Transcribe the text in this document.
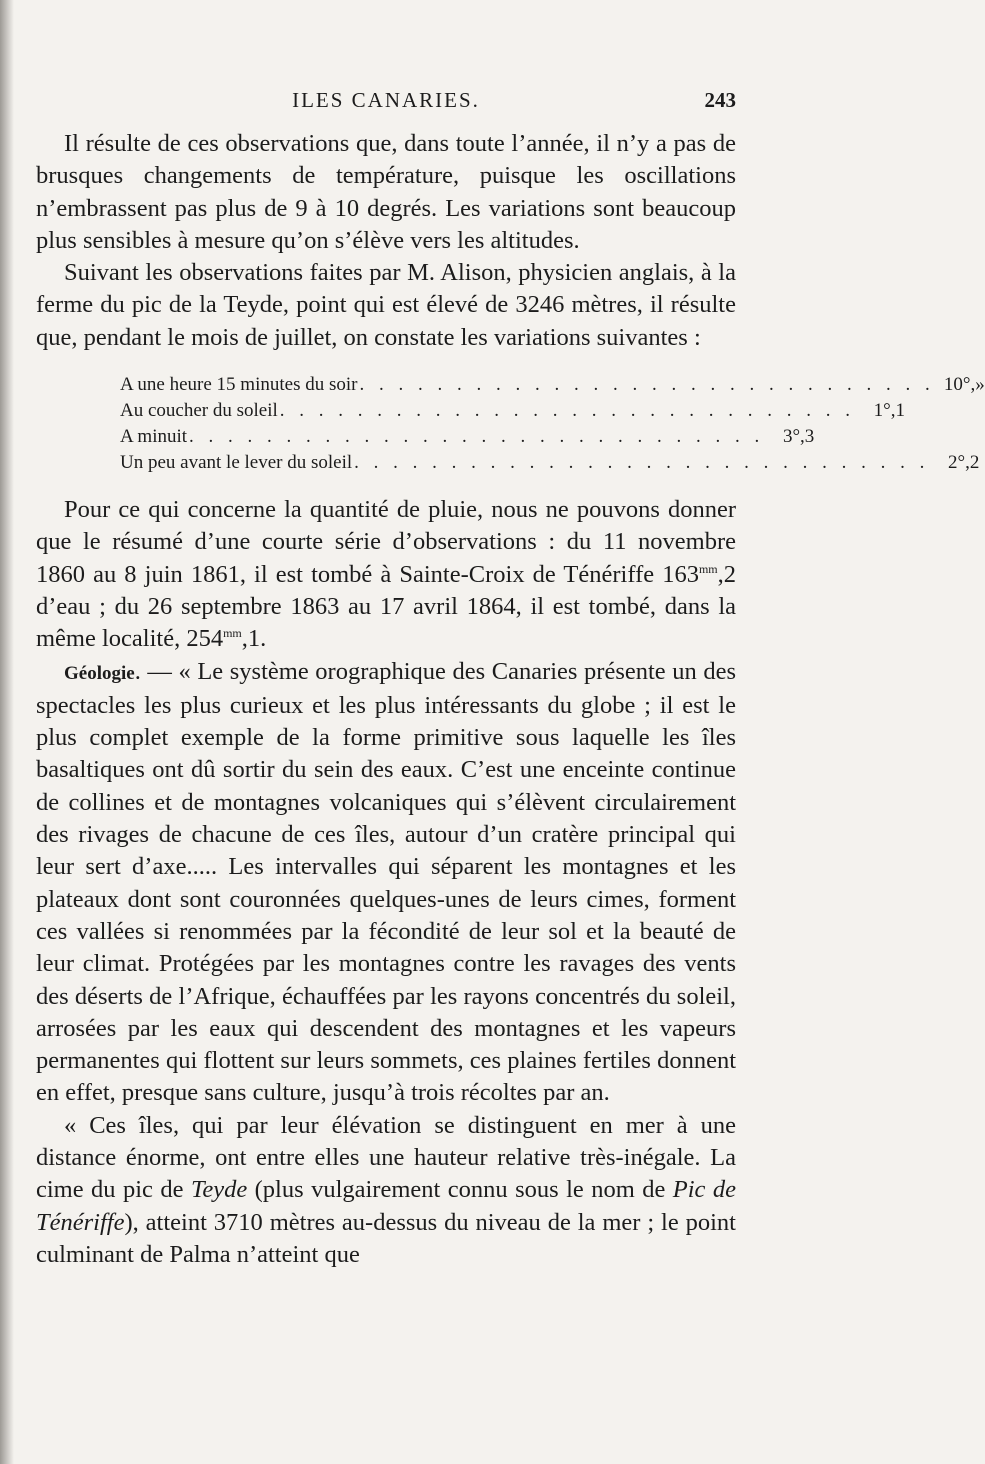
ILES CANARIES.	243

Il résulte de ces observations que, dans toute l’année, il n’y a pas de brusques changements de température, puisque les oscillations n’embrassent pas plus de 9 à 10 degrés. Les variations sont beaucoup plus sensibles à mesure qu’on s’élève vers les altitudes.

Suivant les observations faites par M. Alison, physicien anglais, à la ferme du pic de la Teyde, point qui est élevé de 3246 mètres, il résulte que, pendant le mois de juillet, on constate les variations suivantes :

A une heure 15 minutes du soir . . . . . . . . . . . . . . . . . . . . . . . . . . . . . . 10°,»
Au coucher du soleil . . . . . . . . . . . . . . . . . . . . . . . . . . . . . . 1°,1
A minuit . . . . . . . . . . . . . . . . . . . . . . . . . . . . . . 3°,3
Un peu avant le lever du soleil . . . . . . . . . . . . . . . . . . . . . . . . . . . . . . 2°,2

Pour ce qui concerne la quantité de pluie, nous ne pouvons donner que le résumé d’une courte série d’observations : du 11 novembre 1860 au 8 juin 1861, il est tombé à Sainte-Croix de Ténériffe $163^{mm},2$ d’eau ; du 26 septembre 1863 au 17 avril 1864, il est tombé, dans la même localité, $254^{mm},1$.

Géologie. — « Le système orographique des Canaries présente un des spectacles les plus curieux et les plus intéressants du globe ; il est le plus complet exemple de la forme primitive sous laquelle les îles basaltiques ont dû sortir du sein des eaux. C’est une enceinte continue de collines et de montagnes volcaniques qui s’élèvent circulairement des rivages de chacune de ces îles, autour d’un cratère principal qui leur sert d’axe..... Les intervalles qui séparent les montagnes et les plateaux dont sont couronnées quelques-unes de leurs cimes, forment ces vallées si renommées par la fécondité de leur sol et la beauté de leur climat. Protégées par les montagnes contre les ravages des vents des déserts de l’Afrique, échauffées par les rayons concentrés du soleil, arrosées par les eaux qui descendent des montagnes et les vapeurs permanentes qui flottent sur leurs sommets, ces plaines fertiles donnent en effet, presque sans culture, jusqu’à trois récoltes par an.

« Ces îles, qui par leur élévation se distinguent en mer à une distance énorme, ont entre elles une hauteur relative très-inégale. La cime du pic de Teyde (plus vulgairement connu sous le nom de Pic de Ténériffe), atteint 3710 mètres au-dessus du niveau de la mer ; le point culminant de Palma n’atteint que
